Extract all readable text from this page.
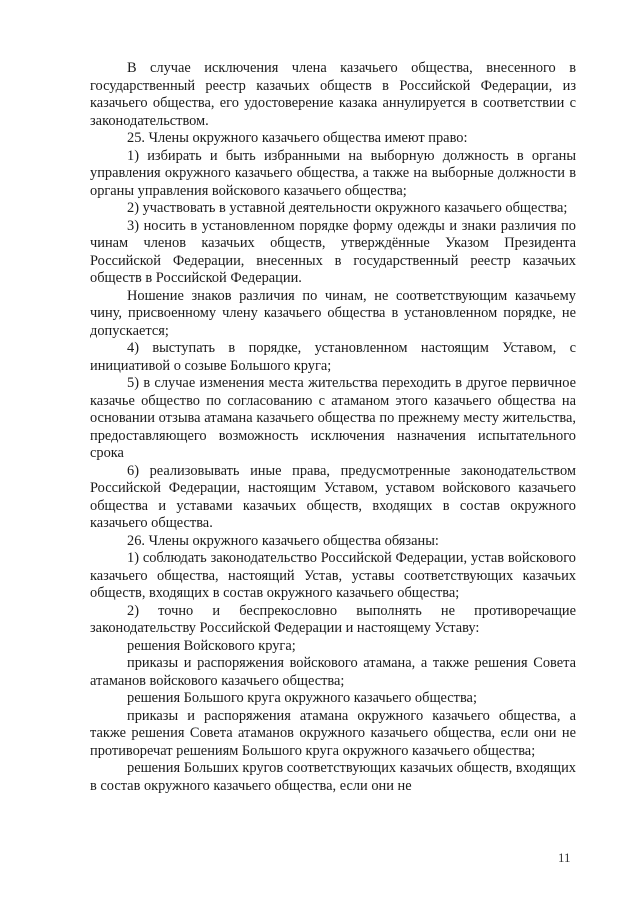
В случае исключения члена казачьего общества, внесенного в государственный реестр казачьих обществ в Российской Федерации, из казачьего общества, его удостоверение казака аннулируется в соответствии с законодательством.

25. Члены окружного казачьего общества имеют право:

1) избирать и быть избранными на выборную должность в органы управления окружного казачьего общества, а также на выборные должности в органы управления войскового казачьего общества;

2) участвовать в уставной деятельности окружного казачьего общества;

3) носить в установленном порядке форму одежды и знаки различия по чинам членов казачьих обществ, утверждённые Указом Президента Российской Федерации, внесенных в государственный реестр казачьих обществ в Российской Федерации.

Ношение знаков различия по чинам, не соответствующим казачьему чину, присвоенному члену казачьего общества в установленном порядке, не допускается;

4) выступать в порядке, установленном настоящим Уставом, с инициативой о созыве Большого круга;

5) в случае изменения места жительства переходить в другое первичное казачье общество по согласованию с атаманом этого казачьего общества на основании отзыва атамана казачьего общества по прежнему месту жительства, предоставляющего возможность исключения назначения испытательного срока

6) реализовывать иные права, предусмотренные законодательством Российской Федерации, настоящим Уставом, уставом войскового казачьего общества и уставами казачьих обществ, входящих в состав окружного казачьего общества.

26. Члены окружного казачьего общества обязаны:

1) соблюдать законодательство Российской Федерации, устав войскового казачьего общества, настоящий Устав, уставы соответствующих казачьих обществ, входящих в состав окружного казачьего общества;

2) точно и беспрекословно выполнять не противоречащие законодательству Российской Федерации и настоящему Уставу:

решения Войскового круга;

приказы и распоряжения войскового атамана, а также решения Совета атаманов войскового казачьего общества;

решения Большого круга окружного казачьего общества;

приказы и распоряжения атамана окружного казачьего общества, а также решения Совета атаманов окружного казачьего общества, если они не противоречат решениям Большого круга окружного казачьего общества;

решения Больших кругов соответствующих казачьих обществ, входящих в состав окружного казачьего общества, если они не

11
